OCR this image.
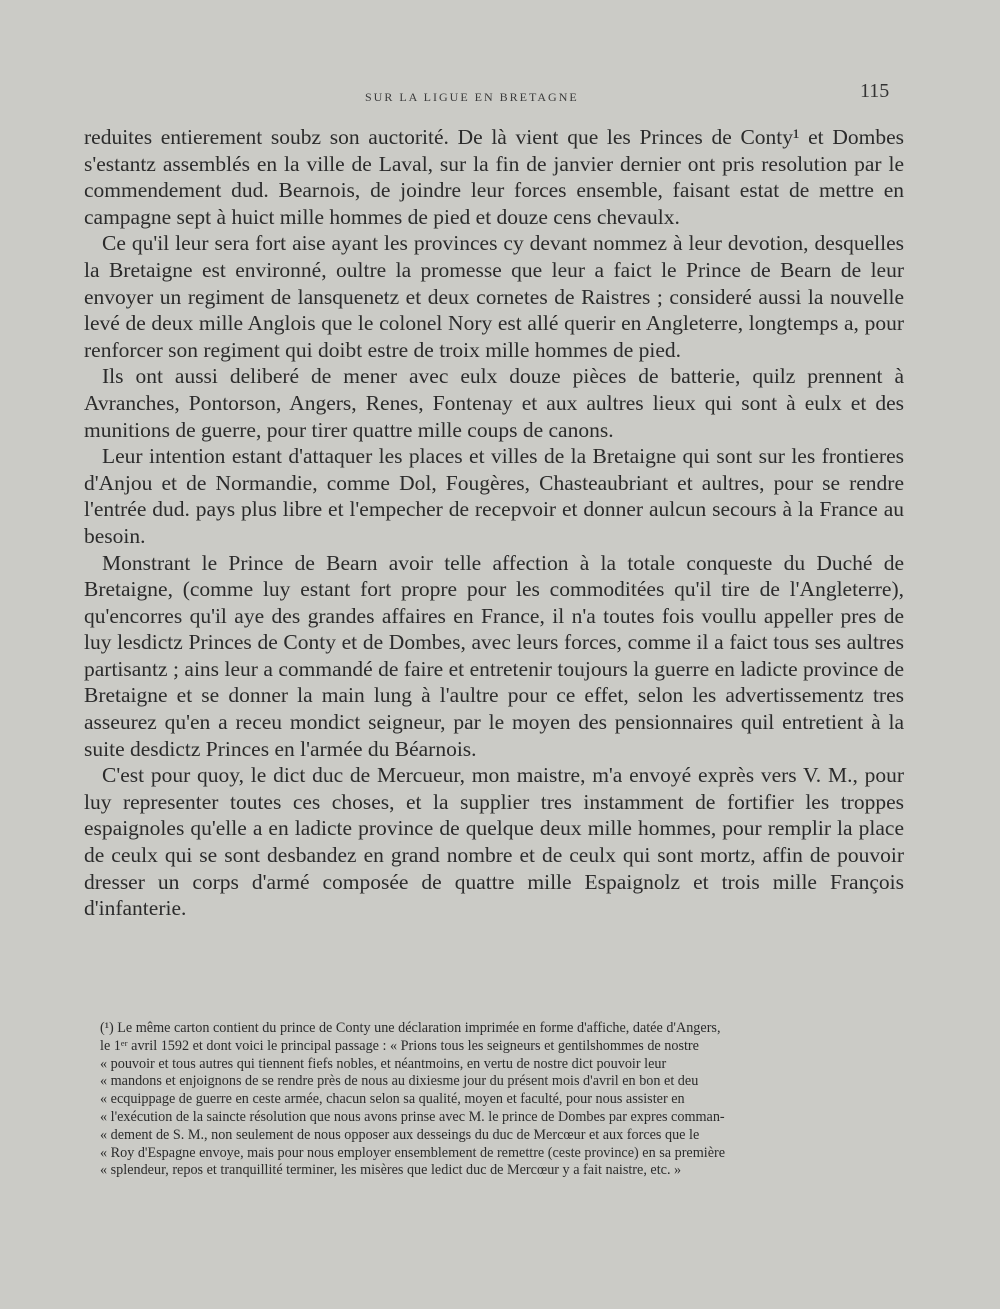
SUR LA LIGUE EN BRETAGNE	115

reduites entierement soubz son auctorité. De là vient que les Princes de Conty¹ et Dombes s'estantz assemblés en la ville de Laval, sur la fin de janvier dernier ont pris resolution par le commendement dud. Bearnois, de joindre leur forces ensemble, faisant estat de mettre en campagne sept à huict mille hommes de pied et douze cens chevaulx.

Ce qu'il leur sera fort aise ayant les provinces cy devant nommez à leur devotion, desquelles la Bretaigne est environné, oultre la promesse que leur a faict le Prince de Bearn de leur envoyer un regiment de lansquenetz et deux cornetes de Raistres ; consideré aussi la nouvelle levé de deux mille Anglois que le colonel Nory est allé querir en Angleterre, longtemps a, pour renforcer son regiment qui doibt estre de troix mille hommes de pied.

Ils ont aussi deliberé de mener avec eulx douze pièces de batterie, quilz prennent à Avranches, Pontorson, Angers, Renes, Fontenay et aux aultres lieux qui sont à eulx et des munitions de guerre, pour tirer quattre mille coups de canons.

Leur intention estant d'attaquer les places et villes de la Bretaigne qui sont sur les frontieres d'Anjou et de Normandie, comme Dol, Fougères, Chasteaubriant et aultres, pour se rendre l'entrée dud. pays plus libre et l'empecher de recepvoir et donner aulcun secours à la France au besoin.

Monstrant le Prince de Bearn avoir telle affection à la totale conqueste du Duché de Bretaigne, (comme luy estant fort propre pour les commoditées qu'il tire de l'Angleterre), qu'encorres qu'il aye des grandes affaires en France, il n'a toutes fois voullu appeller pres de luy lesdictz Princes de Conty et de Dombes, avec leurs forces, comme il a faict tous ses aultres partisantz ; ains leur a commandé de faire et entretenir toujours la guerre en ladicte province de Bretaigne et se donner la main lung à l'aultre pour ce effet, selon les advertissementz tres asseurez qu'en a receu mondict seigneur, par le moyen des pensionnaires quil entretient à la suite desdictz Princes en l'armée du Béarnois.

C'est pour quoy, le dict duc de Mercueur, mon maistre, m'a envoyé exprès vers V. M., pour luy representer toutes ces choses, et la supplier tres instamment de fortifier les troppes espaignoles qu'elle a en ladicte province de quelque deux mille hommes, pour remplir la place de ceulx qui se sont desbandez en grand nombre et de ceulx qui sont mortz, affin de pouvoir dresser un corps d'armé composée de quattre mille Espaignolz et trois mille François d'infanterie.

(¹) Le même carton contient du prince de Conty une déclaration imprimée en forme d'affiche, datée d'Angers,
le 1ᵉʳ avril 1592 et dont voici le principal passage : « Prions tous les seigneurs et gentilshommes de nostre
« pouvoir et tous autres qui tiennent fiefs nobles, et néantmoins, en vertu de nostre dict pouvoir leur
« mandons et enjoignons de se rendre près de nous au dixiesme jour du présent mois d'avril en bon et deu
« ecquippage de guerre en ceste armée, chacun selon sa qualité, moyen et faculté, pour nous assister en
« l'exécution de la saincte résolution que nous avons prinse avec M. le prince de Dombes par expres comman-
« dement de S. M., non seulement de nous opposer aux desseings du duc de Mercœur et aux forces que le
« Roy d'Espagne envoye, mais pour nous employer ensemblement de remettre (ceste province) en sa première
« splendeur, repos et tranquillité terminer, les misères que ledict duc de Mercœur y a fait naistre, etc. »
